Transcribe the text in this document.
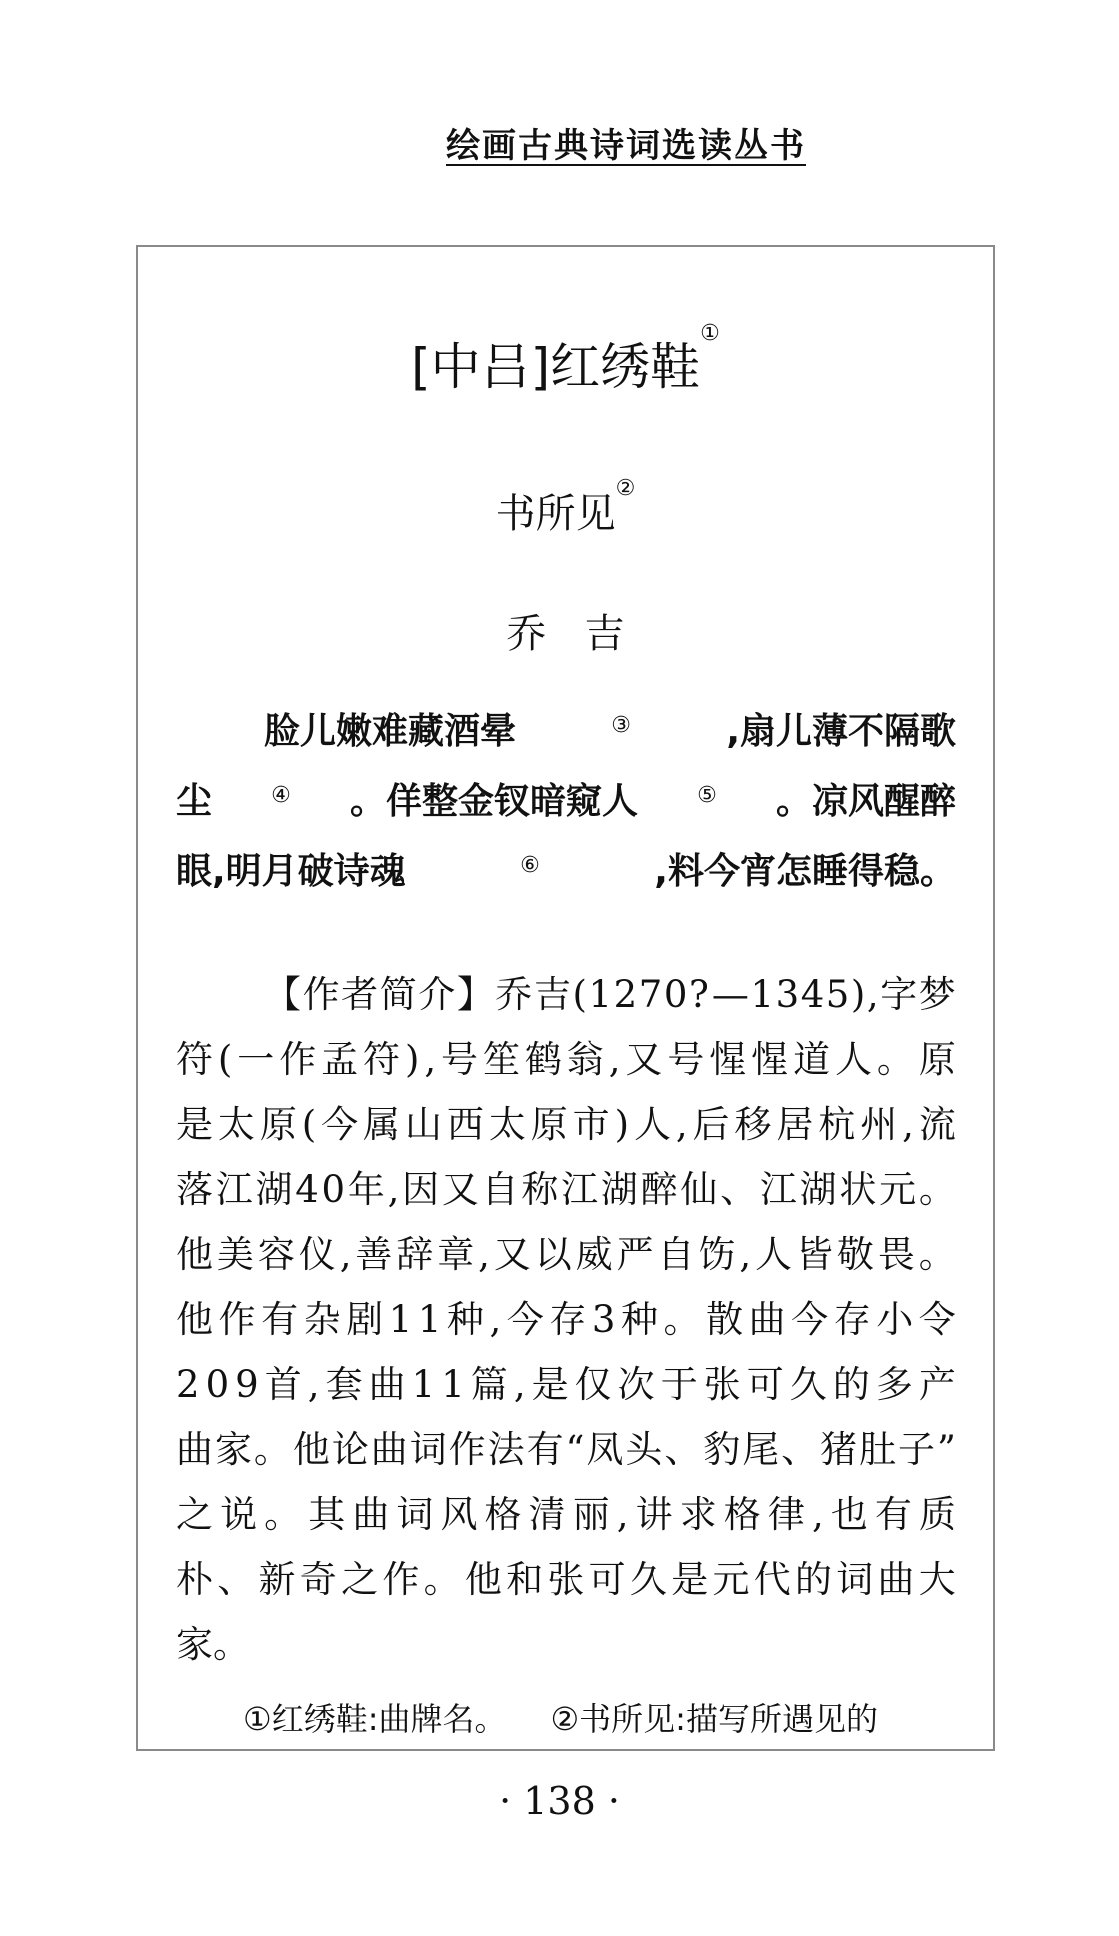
绘画古典诗词选读丛书
[中吕]红绣鞋①
书所见②
乔吉
脸儿嫩难藏酒晕	③	,扇儿薄不隔歌
尘	④ 。佯整金钗暗窥人	⑤ 。凉风醒醉
眼,明月破诗魂	⑥	,料今宵怎睡得稳。
【 作 者 简 介 】 乔 吉 ( 1 2 7 0 ? — 1 3 4 5 ) , 字 梦
符 ( 一 作 孟 符 ) , 号 笙 鹤 翁 , 又 号 惺 惺 道 人 。 原
是 太 原 ( 今 属 山 西 太 原 市 ) 人 , 后 移 居 杭 州 , 流
落 江 湖 4 0 年 , 因 又 自 称 江 湖 醉 仙 、 江 湖 状 元 。
他 美 容 仪 , 善 辞 章 , 又 以 威 严 自 饬 , 人 皆 敬 畏 。
他 作 有 杂 剧 1 1 种 , 今 存 3 种 。 散 曲 今 存 小 令
2 0 9 首 , 套 曲 1 1 篇 , 是 仅 次 于 张 可 久 的 多 产
曲 家 。 他 论 曲 词 作 法 有 “ 凤 头 、 豹 尾 、 猪 肚 子 ”
之 说 。 其 曲 词 风 格 清 丽 , 讲 求 格 律 , 也 有 质
朴 、 新 奇 之 作 。 他 和 张 可 久 是 元 代 的 词 曲 大
家。
①红绣鞋:曲牌名。 ②书所见:描写所遇见的
· 138 ·
